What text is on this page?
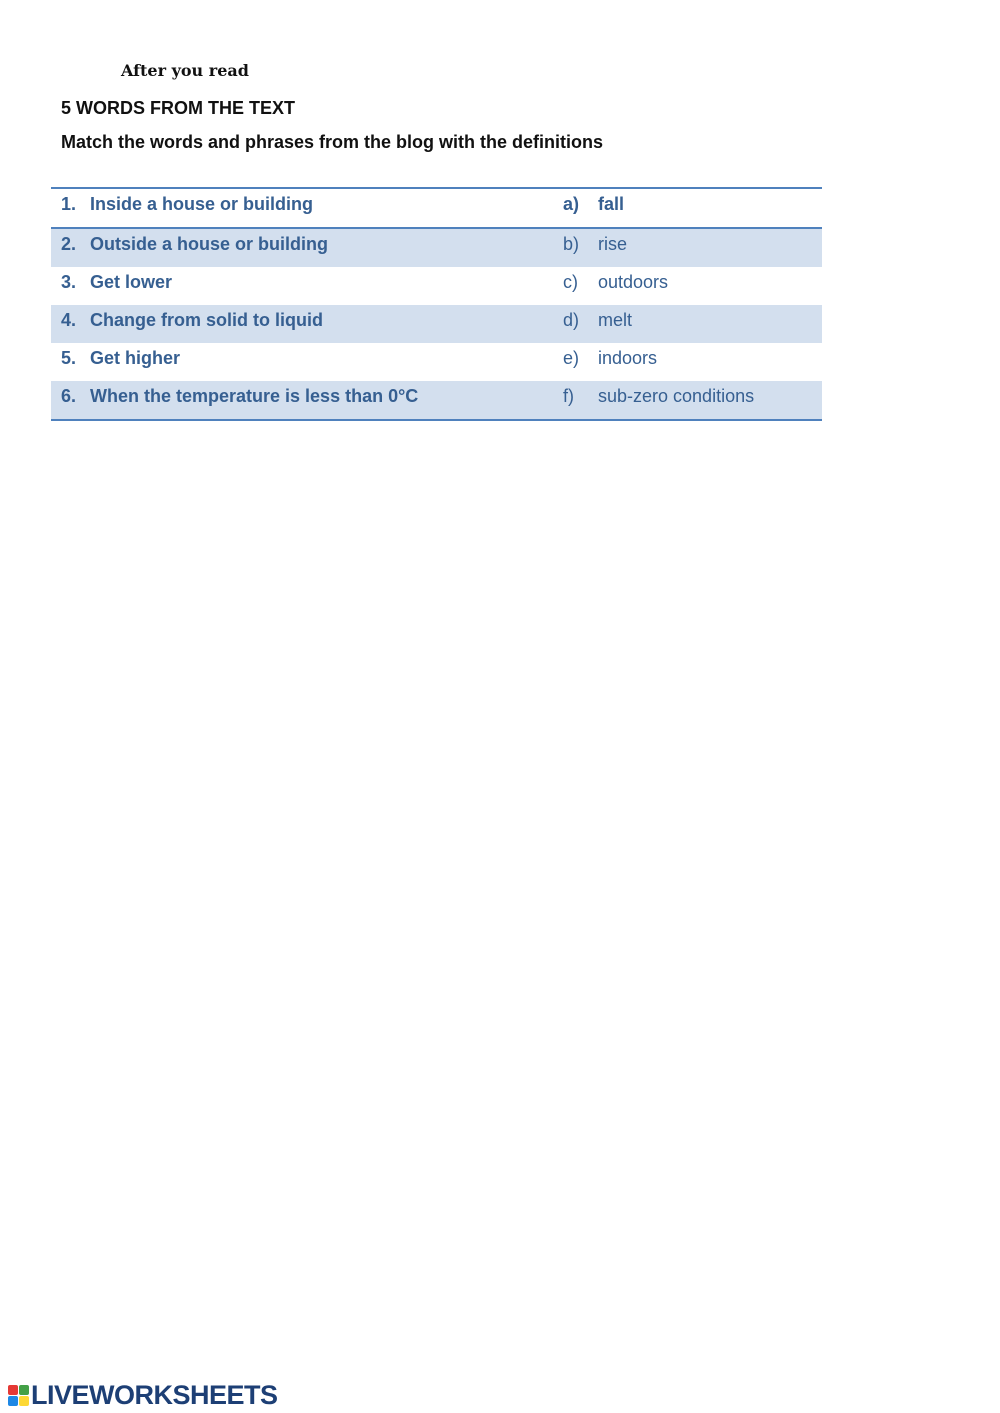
After you read
5 WORDS FROM THE TEXT
Match the words and phrases from the blog with the definitions
1. Inside a house or building	a) fall
2. Outside a house or building	b) rise
3. Get lower	c) outdoors
4. Change from solid to liquid	d) melt
5. Get higher	e) indoors
6. When the temperature is less than 0°C	f) sub-zero conditions
LIVEWORKSHEETS
